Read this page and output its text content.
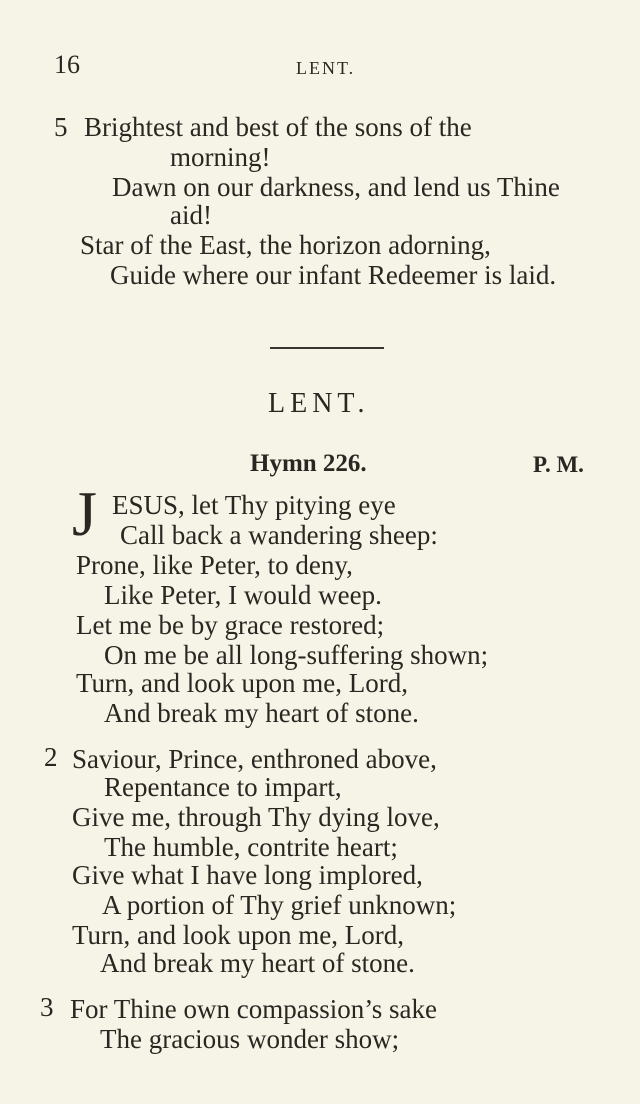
16	LENT.
5 Brightest and best of the sons of the
morning!
Dawn on our darkness, and lend us Thine
aid!
Star of the East, the horizon adorning,
Guide where our infant Redeemer is laid.
LENT.
Hymn 226.	P. M.
J ESUS, let Thy pitying eye
Call back a wandering sheep:
Prone, like Peter, to deny,
Like Peter, I would weep.
Let me be by grace restored;
On me be all long-suffering shown;
Turn, and look upon me, Lord,
And break my heart of stone.
2 Saviour, Prince, enthroned above,
Repentance to impart,
Give me, through Thy dying love,
The humble, contrite heart;
Give what I have long implored,
A portion of Thy grief unknown;
Turn, and look upon me, Lord,
And break my heart of stone.
3 For Thine own compassion’s sake
The gracious wonder show;
